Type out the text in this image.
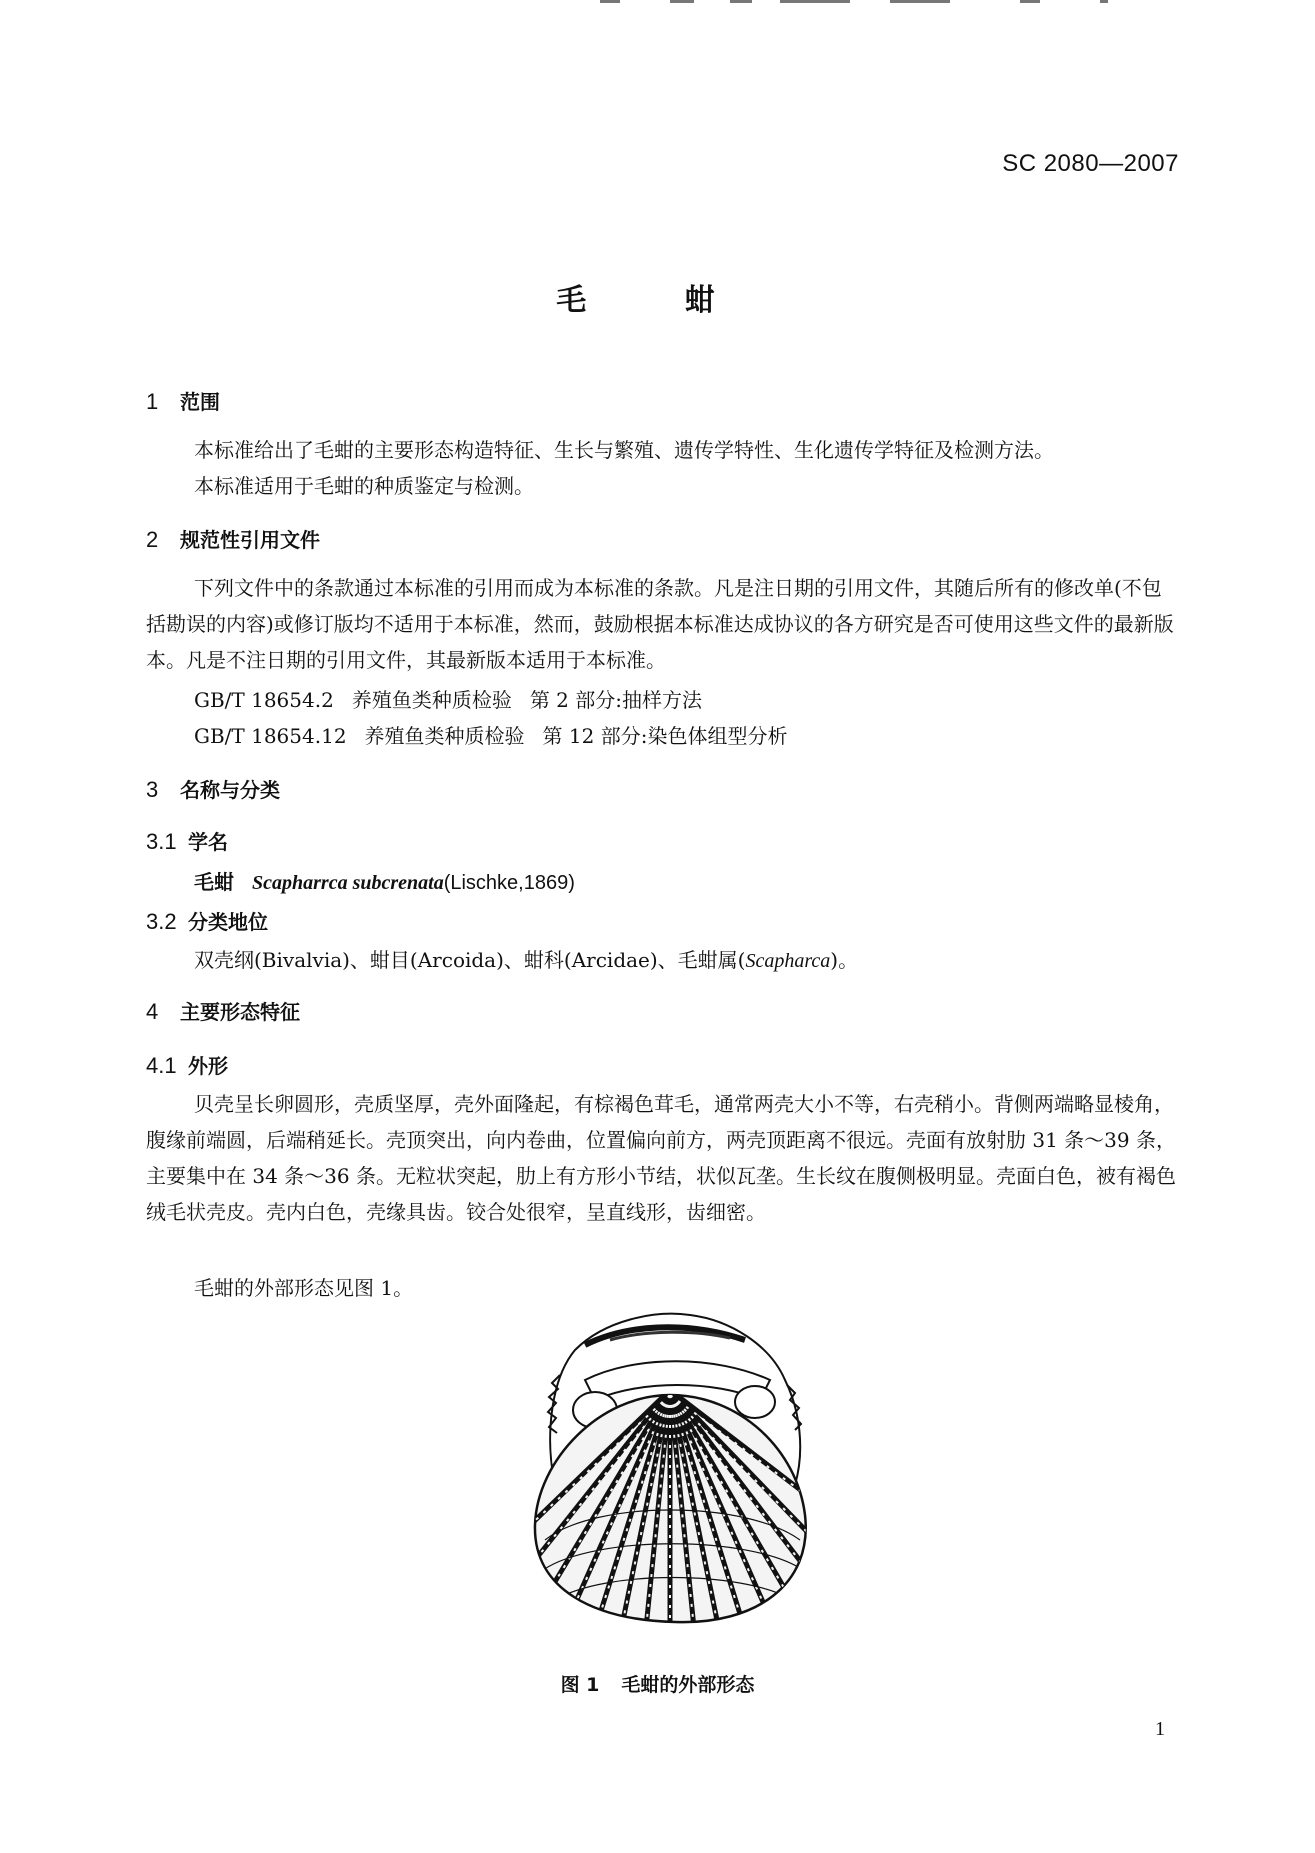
SC 2080—2007
毛 蚶
1 范围
本标准给出了毛蚶的主要形态构造特征、生长与繁殖、遗传学特性、生化遗传学特征及检测方法。
本标准适用于毛蚶的种质鉴定与检测。
2 规范性引用文件
下列文件中的条款通过本标准的引用而成为本标准的条款。凡是注日期的引用文件，其随后所有的修改单(不包括勘误的内容)或修订版均不适用于本标准，然而，鼓励根据本标准达成协议的各方研究是否可使用这些文件的最新版本。凡是不注日期的引用文件，其最新版本适用于本标准。
GB/T 18654.2 养殖鱼类种质检验 第 2 部分:抽样方法
GB/T 18654.12 养殖鱼类种质检验 第 12 部分:染色体组型分析
3 名称与分类
3.1 学名
毛蚶 Scapharrca subcrenata(Lischke,1869)
3.2 分类地位
双壳纲(Bivalvia)、蚶目(Arcoida)、蚶科(Arcidae)、毛蚶属(Scapharca)。
4 主要形态特征
4.1 外形
贝壳呈长卵圆形，壳质坚厚，壳外面隆起，有棕褐色茸毛，通常两壳大小不等，右壳稍小。背侧两端略显棱角，腹缘前端圆，后端稍延长。壳顶突出，向内卷曲，位置偏向前方，两壳顶距离不很远。壳面有放射肋 31 条～39 条，主要集中在 34 条～36 条。无粒状突起，肋上有方形小节结，状似瓦垄。生长纹在腹侧极明显。壳面白色，被有褐色绒毛状壳皮。壳内白色，壳缘具齿。铰合处很窄，呈直线形，齿细密。
毛蚶的外部形态见图 1。
图 1 毛蚶的外部形态
1
